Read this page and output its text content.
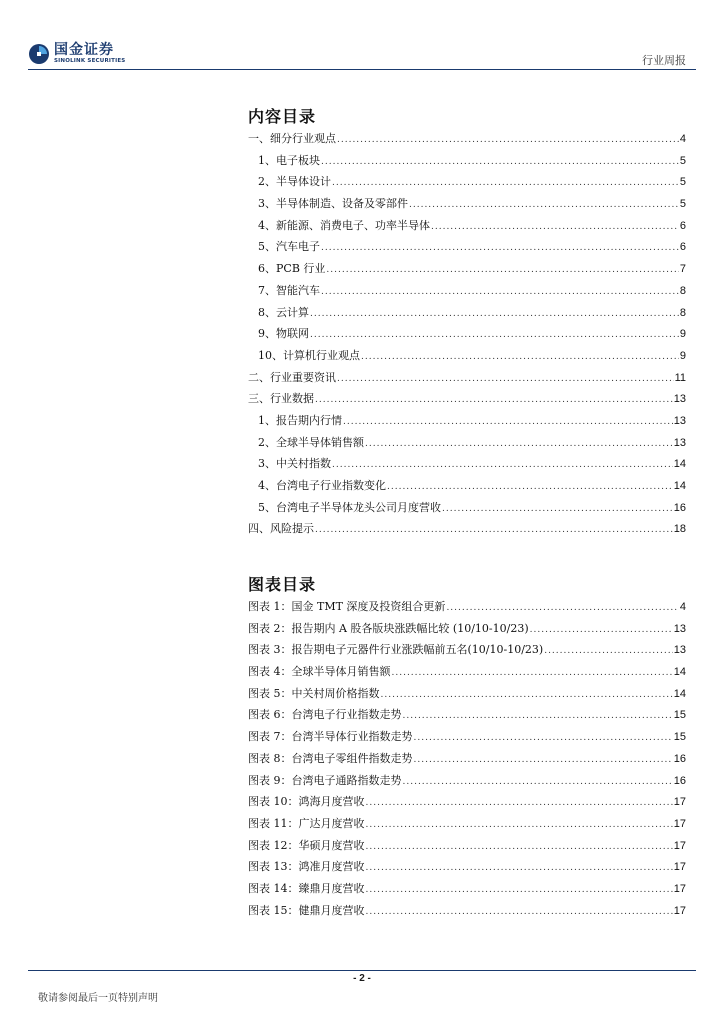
国金证券
SINOLINK SECURITIES	行业周报
内容目录
一、细分行业观点 .....	4
1、电子板块 .....	5
2、半导体设计 .....	5
3、半导体制造、设备及零部件 .....	5
4、新能源、消费电子、功率半导体 .....	6
5、汽车电子 .....	6
6、PCB 行业 .....	7
7、智能汽车 .....	8
8、云计算 .....	8
9、物联网 .....	9
10、计算机行业观点 .....	9
二、行业重要资讯 .....	11
三、行业数据 .....	13
1、报告期内行情 .....	13
2、全球半导体销售额 .....	13
3、中关村指数 .....	14
4、台湾电子行业指数变化 .....	14
5、台湾电子半导体龙头公司月度营收 .....	16
四、风险提示 .....	18
图表目录
图表 1：国金 TMT 深度及投资组合更新 .....	4
图表 2：报告期内 A 股各版块涨跌幅比较 (10/10-10/23) .....	13
图表 3：报告期电子元器件行业涨跌幅前五名(10/10-10/23) .....	13
图表 4：全球半导体月销售额 .....	14
图表 5：中关村周价格指数 .....	14
图表 6：台湾电子行业指数走势 .....	15
图表 7：台湾半导体行业指数走势 .....	15
图表 8：台湾电子零组件指数走势 .....	16
图表 9：台湾电子通路指数走势 .....	16
图表 10：鸿海月度营收 .....	17
图表 11：广达月度营收 .....	17
图表 12：华硕月度营收 .....	17
图表 13：鸿准月度营收 .....	17
图表 14：臻鼎月度营收 .....	17
图表 15：健鼎月度营收 .....	17
- 2 -
敬请参阅最后一页特别声明
